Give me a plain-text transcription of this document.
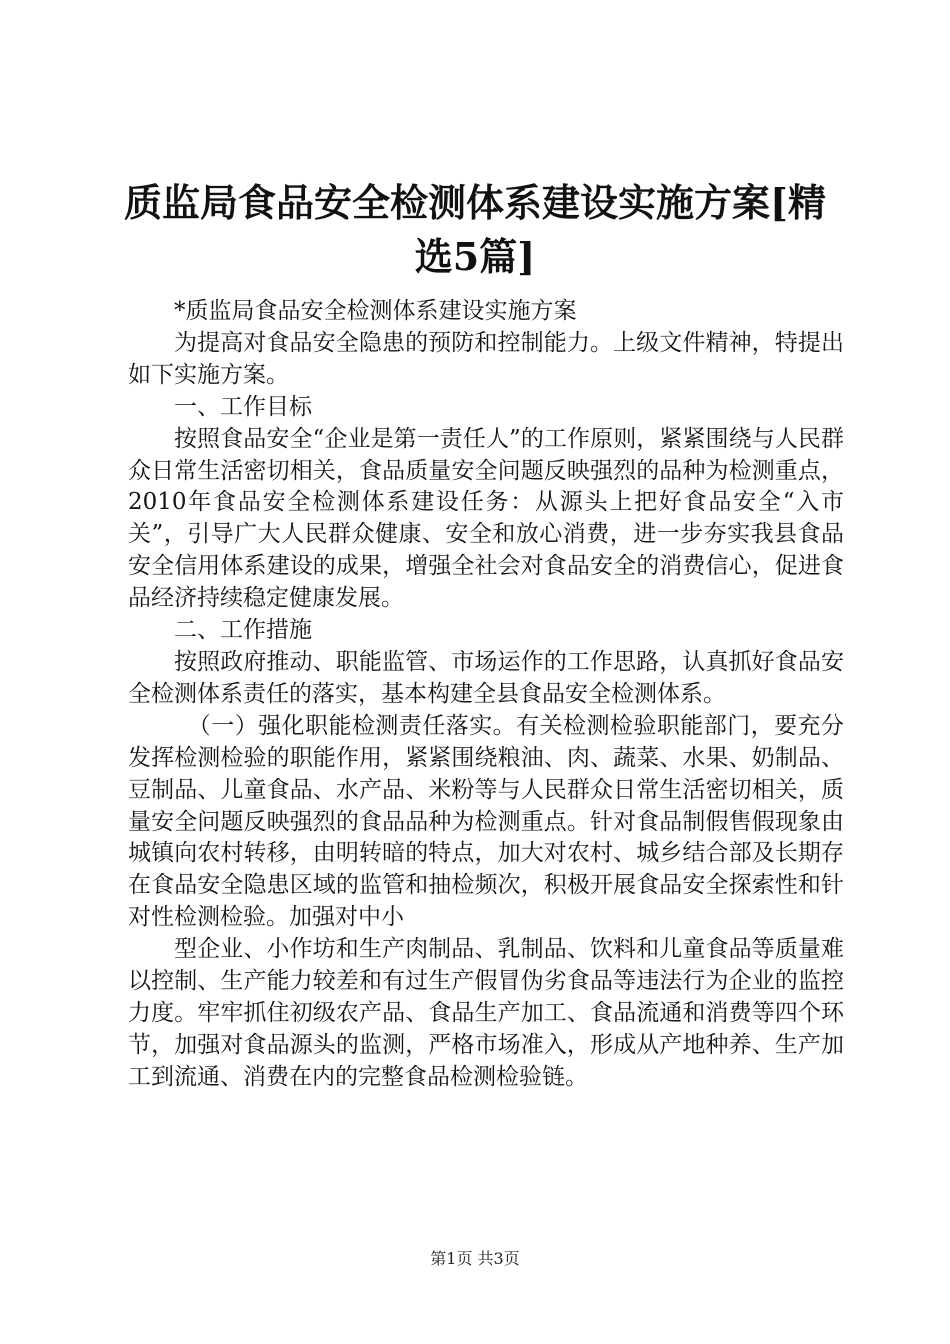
质监局食品安全检测体系建设实施方案[精选5篇]

*质监局食品安全检测体系建设实施方案

为提高对食品安全隐患的预防和控制能力。上级文件精神，特提出如下实施方案。

一、工作目标

按照食品安全“企业是第一责任人”的工作原则，紧紧围绕与人民群众日常生活密切相关，食品质量安全问题反映强烈的品种为检测重点，2010年食品安全检测体系建设任务：从源头上把好食品安全“入市关”，引导广大人民群众健康、安全和放心消费，进一步夯实我县食品安全信用体系建设的成果，增强全社会对食品安全的消费信心，促进食品经济持续稳定健康发展。

二、工作措施

按照政府推动、职能监管、市场运作的工作思路，认真抓好食品安全检测体系责任的落实，基本构建全县食品安全检测体系。

（一）强化职能检测责任落实。有关检测检验职能部门，要充分发挥检测检验的职能作用，紧紧围绕粮油、肉、蔬菜、水果、奶制品、豆制品、儿童食品、水产品、米粉等与人民群众日常生活密切相关，质量安全问题反映强烈的食品品种为检测重点。针对食品制假售假现象由城镇向农村转移，由明转暗的特点，加大对农村、城乡结合部及长期存在食品安全隐患区域的监管和抽检频次，积极开展食品安全探索性和针对性检测检验。加强对中小

型企业、小作坊和生产肉制品、乳制品、饮料和儿童食品等质量难以控制、生产能力较差和有过生产假冒伪劣食品等违法行为企业的监控力度。牢牢抓住初级农产品、食品生产加工、食品流通和消费等四个环节，加强对食品源头的监测，严格市场准入，形成从产地种养、生产加工到流通、消费在内的完整食品检测检验链。

第1页 共3页
